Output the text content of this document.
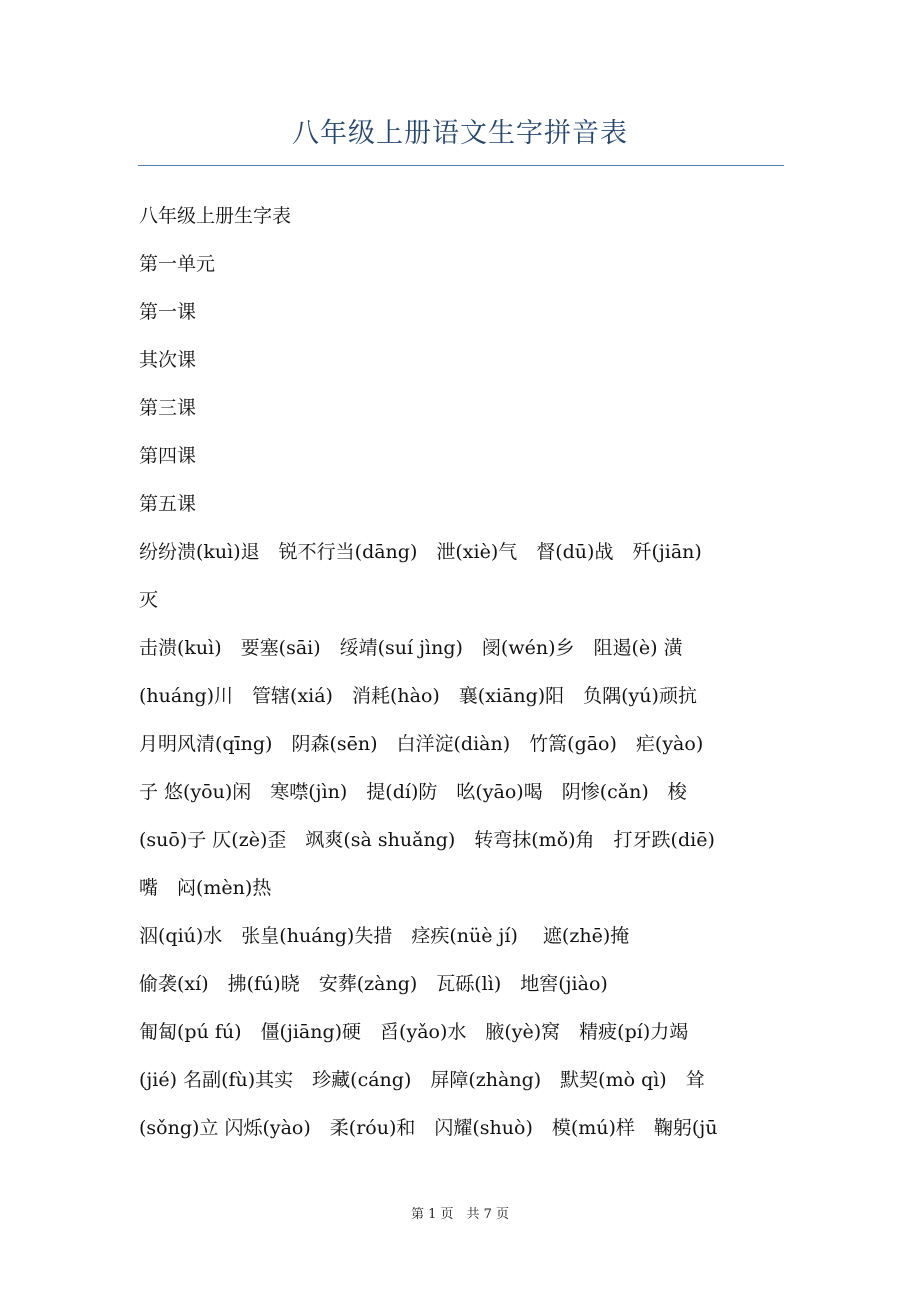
八年级上册语文生字拼音表
八年级上册生字表
第一单元
第一课
其次课
第三课
第四课
第五课
纷纷溃(kuì)退　锐不行当(dāng)　泄(xiè)气　督(dū)战　歼(jiān)
灭
击溃(kuì)　要塞(sāi)　绥靖(suí jìng)　阌(wén)乡　阻遏(è) 潢
(huáng)川　管辖(xiá)　消耗(hào)　襄(xiāng)阳　负隅(yú)顽抗
月明风清(qīng)　阴森(sēn)　白洋淀(diàn)　竹篙(gāo)　疟(yào)
子 悠(yōu)闲　寒噤(jìn)　提(dí)防　吆(yāo)喝　阴惨(cǎn)　梭
(suō)子 仄(zè)歪　飒爽(sà shuǎng)　转弯抹(mǒ)角　打牙跌(diē)
嘴　闷(mèn)热
泅(qiú)水　张皇(huáng)失措　痉疾(nüè jí)　 遮(zhē)掩
偷袭(xí)　拂(fú)晓　安葬(zàng)　瓦砾(lì)　地窖(jiào)
匍匐(pú fú)　僵(jiāng)硬　舀(yǎo)水　腋(yè)窝　精疲(pí)力竭
(jié) 名副(fù)其实　珍藏(cáng)　屏障(zhàng)　默契(mò qì)　耸
(sǒng)立 闪烁(yào)　柔(róu)和　闪耀(shuò)　模(mú)样　鞠躬(jū
第 1 页　共 7 页
